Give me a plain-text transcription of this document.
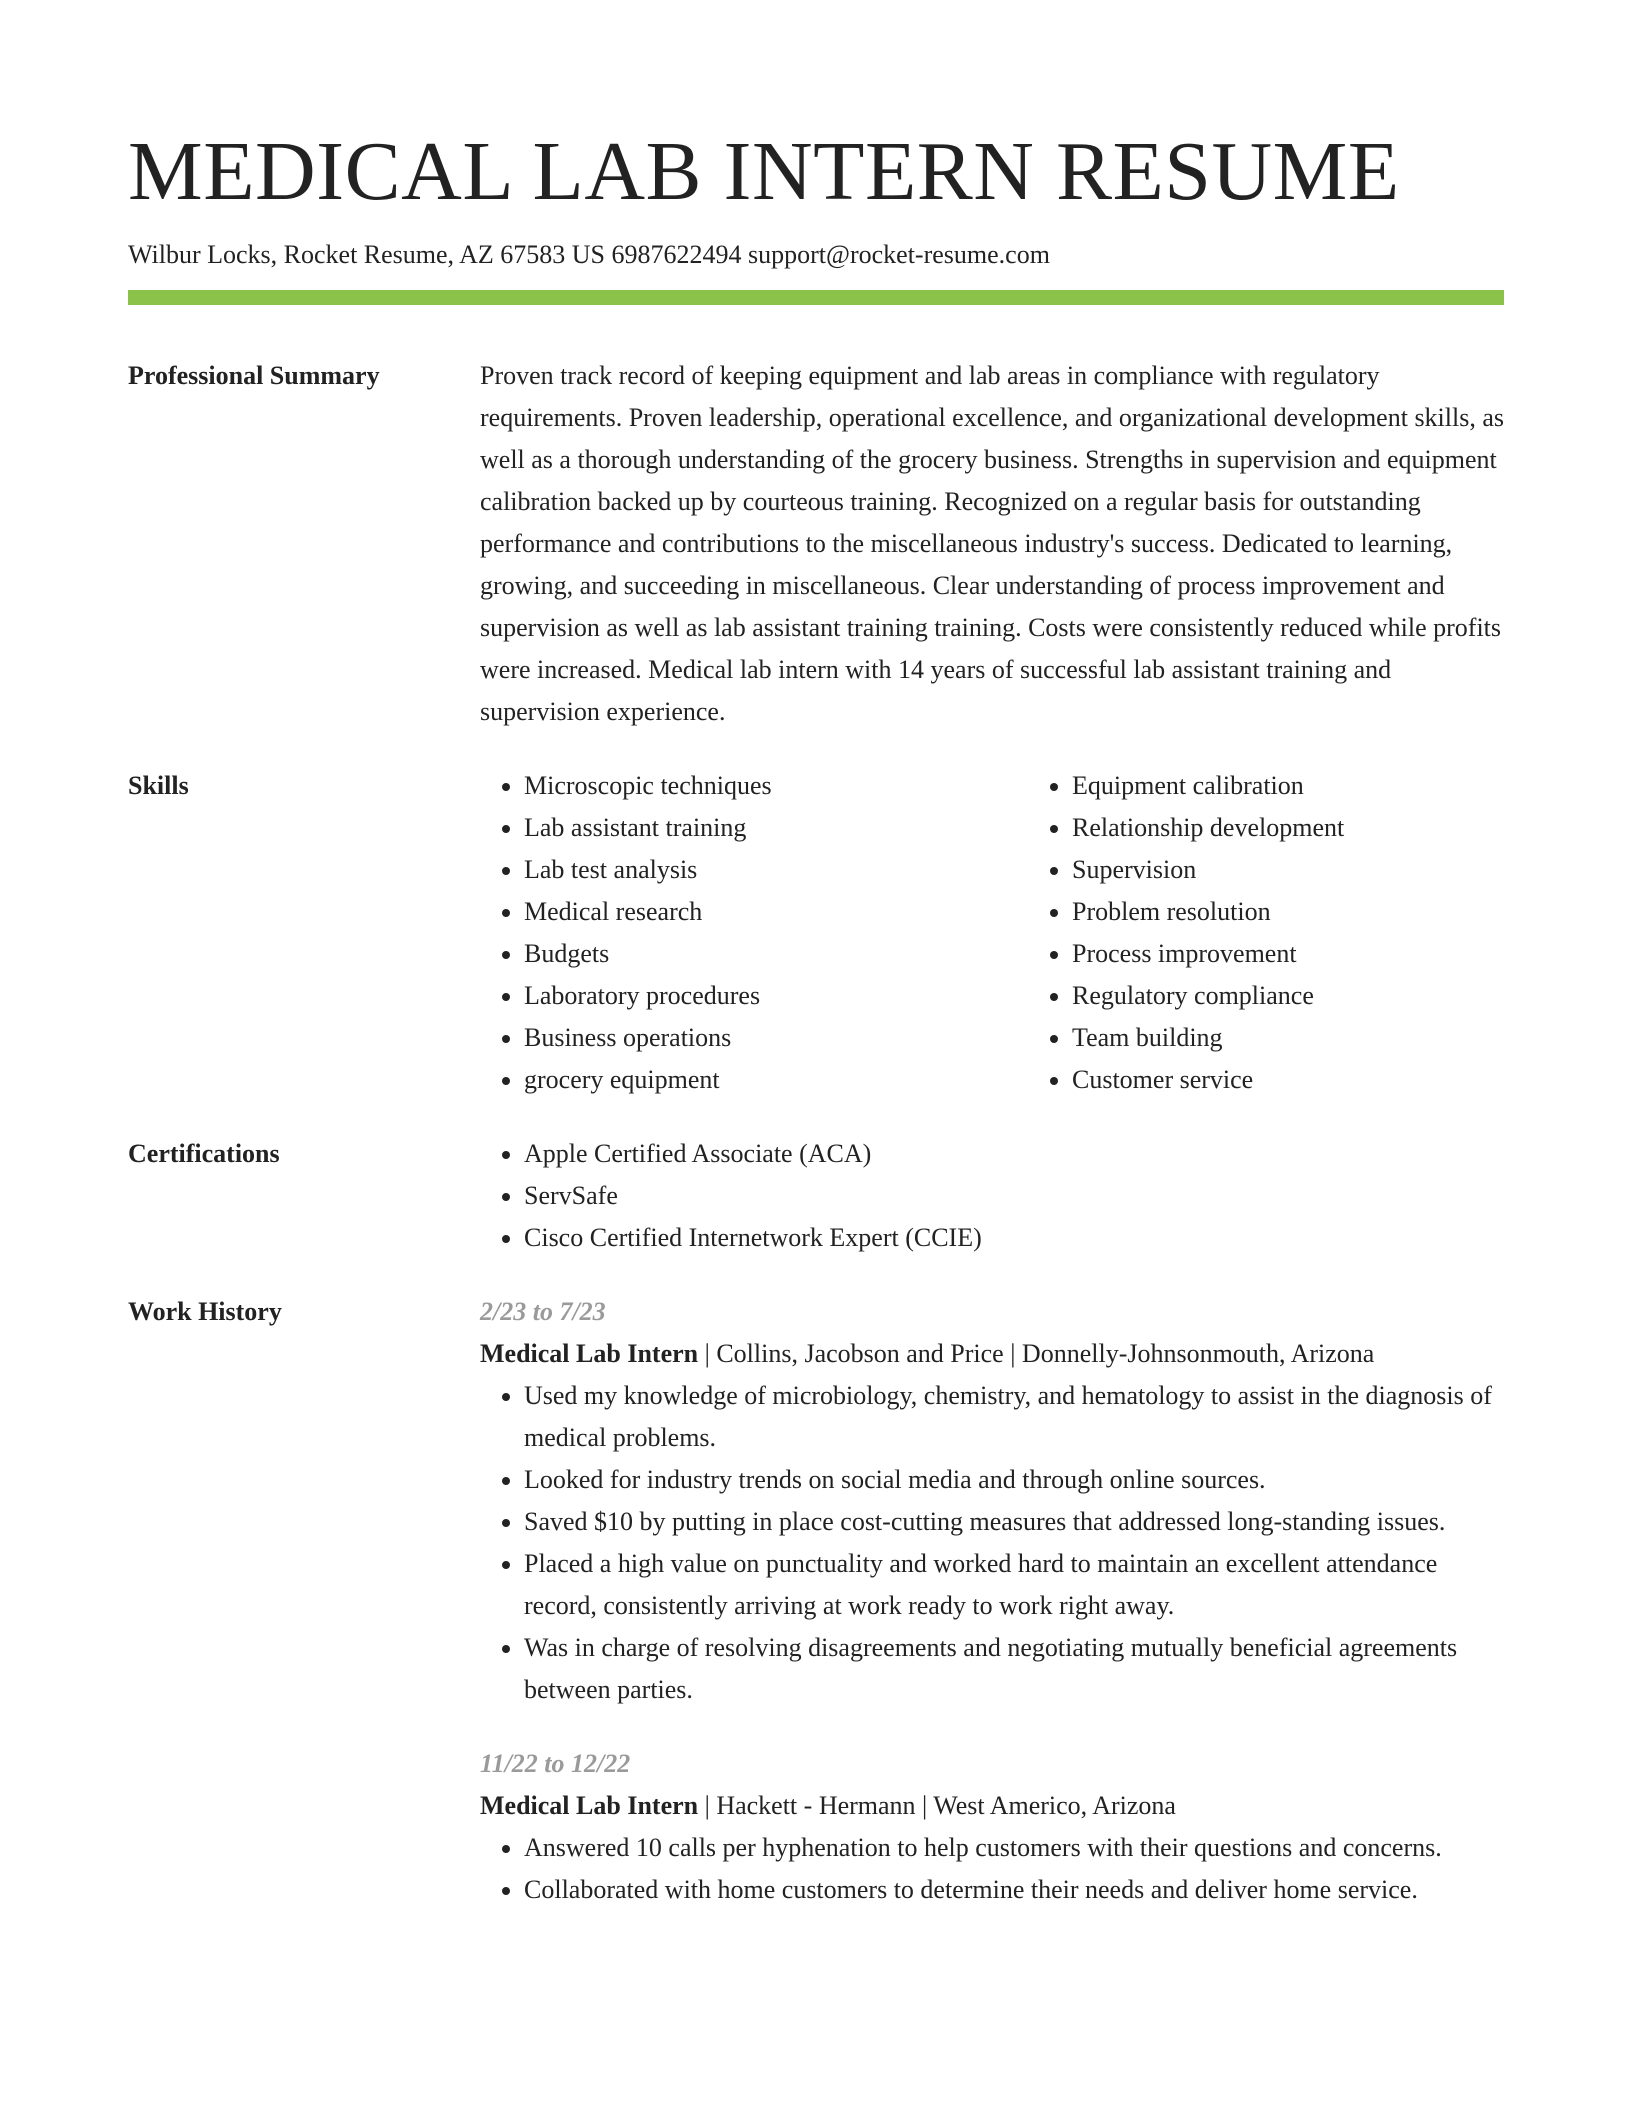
MEDICAL LAB INTERN RESUME
Wilbur Locks, Rocket Resume, AZ 67583 US 6987622494 support@rocket-resume.com
Professional Summary	Proven track record of keeping equipment and lab areas in compliance with regulatory requirements. Proven leadership, operational excellence, and organizational development skills, as well as a thorough understanding of the grocery business. Strengths in supervision and equipment calibration backed up by courteous training. Recognized on a regular basis for outstanding performance and contributions to the miscellaneous industry's success. Dedicated to learning, growing, and succeeding in miscellaneous. Clear understanding of process improvement and supervision as well as lab assistant training training. Costs were consistently reduced while profits were increased. Medical lab intern with 14 years of successful lab assistant training and supervision experience.
Skills	• Microscopic techniques
• Lab assistant training
• Lab test analysis
• Medical research
• Budgets
• Laboratory procedures
• Business operations
• grocery equipment
• Equipment calibration
• Relationship development
• Supervision
• Problem resolution
• Process improvement
• Regulatory compliance
• Team building
• Customer service
Certifications	• Apple Certified Associate (ACA)
• ServSafe
• Cisco Certified Internetwork Expert (CCIE)
Work History	2/23 to 7/23
Medical Lab Intern | Collins, Jacobson and Price | Donnelly-Johnsonmouth, Arizona
• Used my knowledge of microbiology, chemistry, and hematology to assist in the diagnosis of medical problems.
• Looked for industry trends on social media and through online sources.
• Saved $10 by putting in place cost-cutting measures that addressed long-standing issues.
• Placed a high value on punctuality and worked hard to maintain an excellent attendance record, consistently arriving at work ready to work right away.
• Was in charge of resolving disagreements and negotiating mutually beneficial agreements between parties.
11/22 to 12/22
Medical Lab Intern | Hackett - Hermann | West Americo, Arizona
• Answered 10 calls per hyphenation to help customers with their questions and concerns.
• Collaborated with home customers to determine their needs and deliver home service.
